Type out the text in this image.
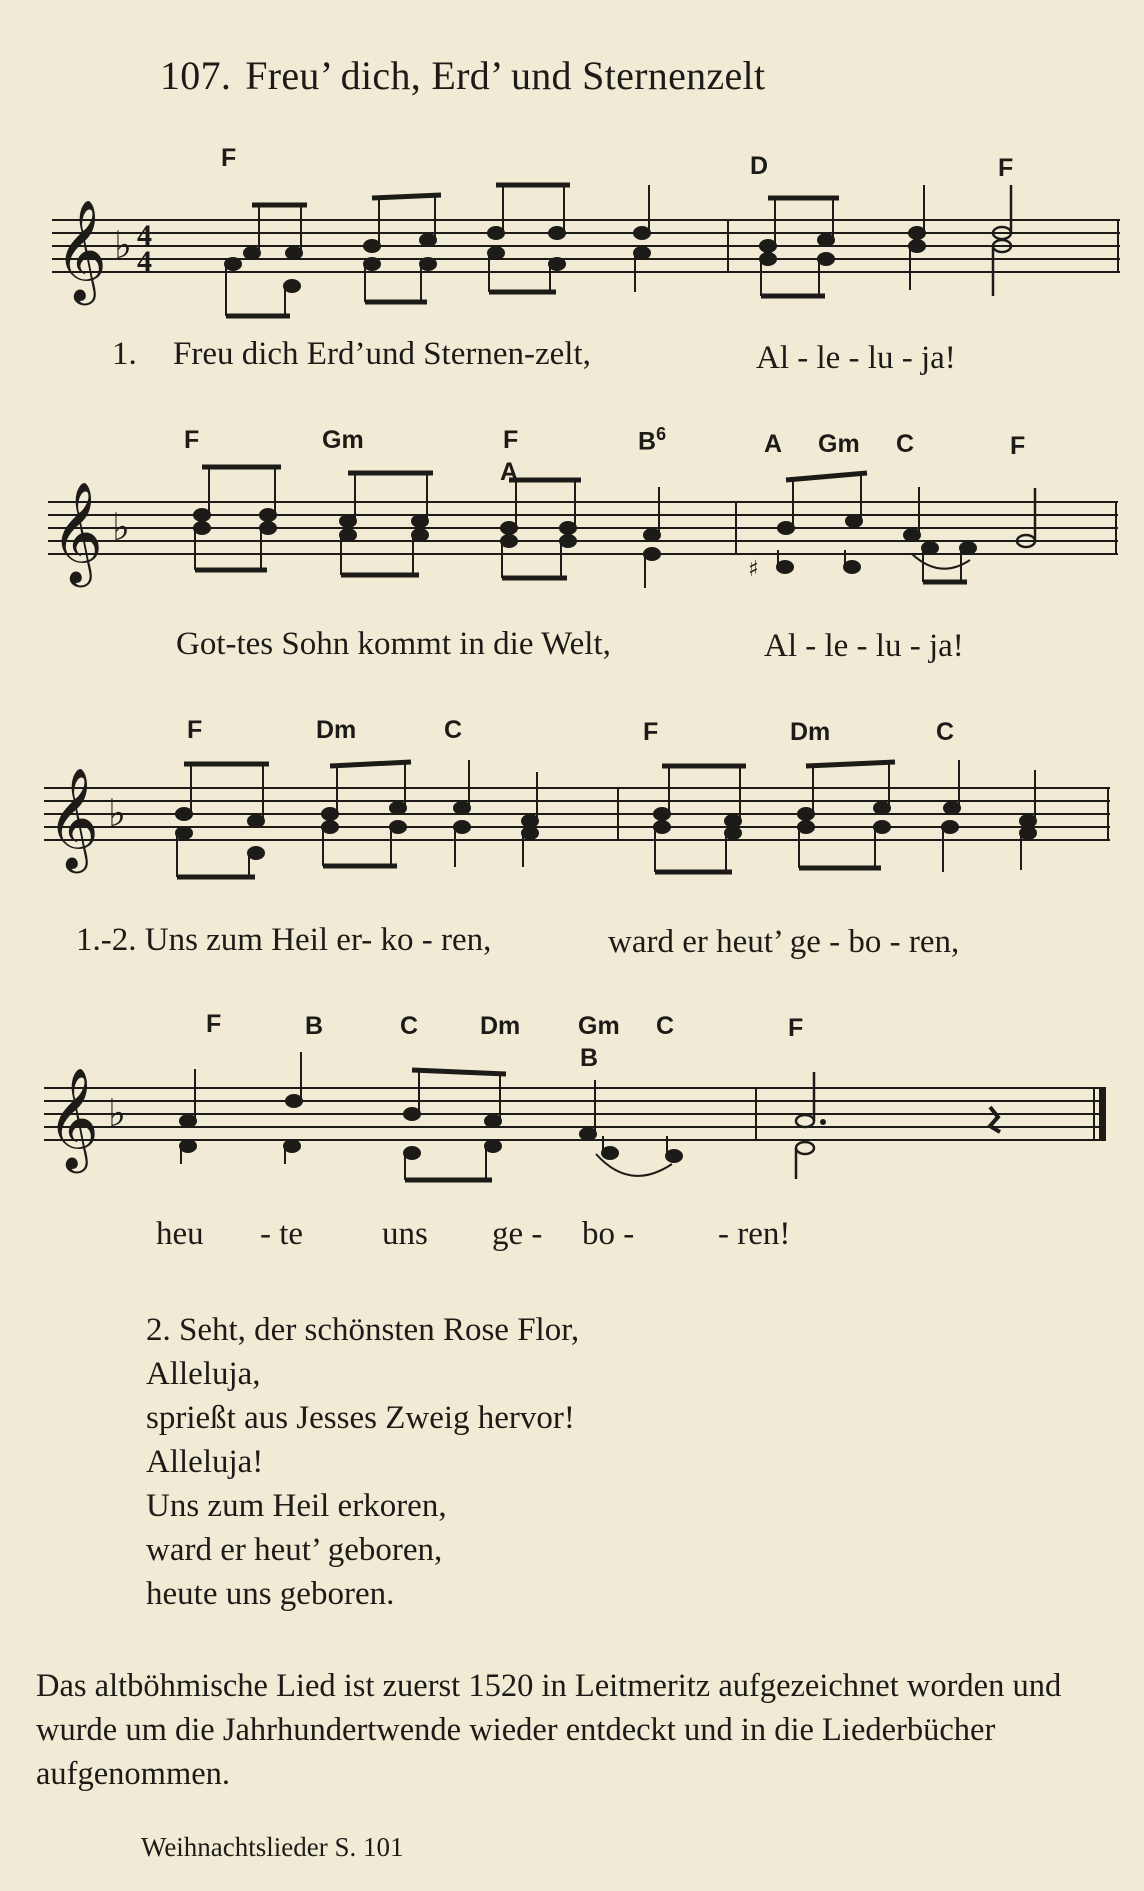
107. Freu’ dich, Erd’ und Sternenzelt
F	D	F
𝄞 ♭ 4
4
1. Freu dich Erd’und Sternen-zelt,	Al - le - lu - ja!
F	Gm	F
A
$B^6$	A Gm C	F
𝄞 ♭
♯
Got-tes Sohn kommt in die Welt,	Al - le - lu - ja!
F	Dm	C	F	Dm	C
𝄞 ♭
1.-2. Uns zum Heil er- ko - ren,	ward er heut’ ge - bo - ren,
F	B	C Dm Gm C
B
F
𝄞 ♭
heu - te uns ge - bo -	- ren!
2. Seht, der schönsten Rose Flor,
Alleluja,
sprießt aus Jesses Zweig hervor!
Alleluja!
Uns zum Heil erkoren,
ward er heut’ geboren,
heute uns geboren.
Das altböhmische Lied ist zuerst 1520 in Leitmeritz aufgezeichnet worden und wurde um die Jahrhundertwende wieder entdeckt und in die Liederbücher aufgenommen.
Weihnachtslieder S. 101
